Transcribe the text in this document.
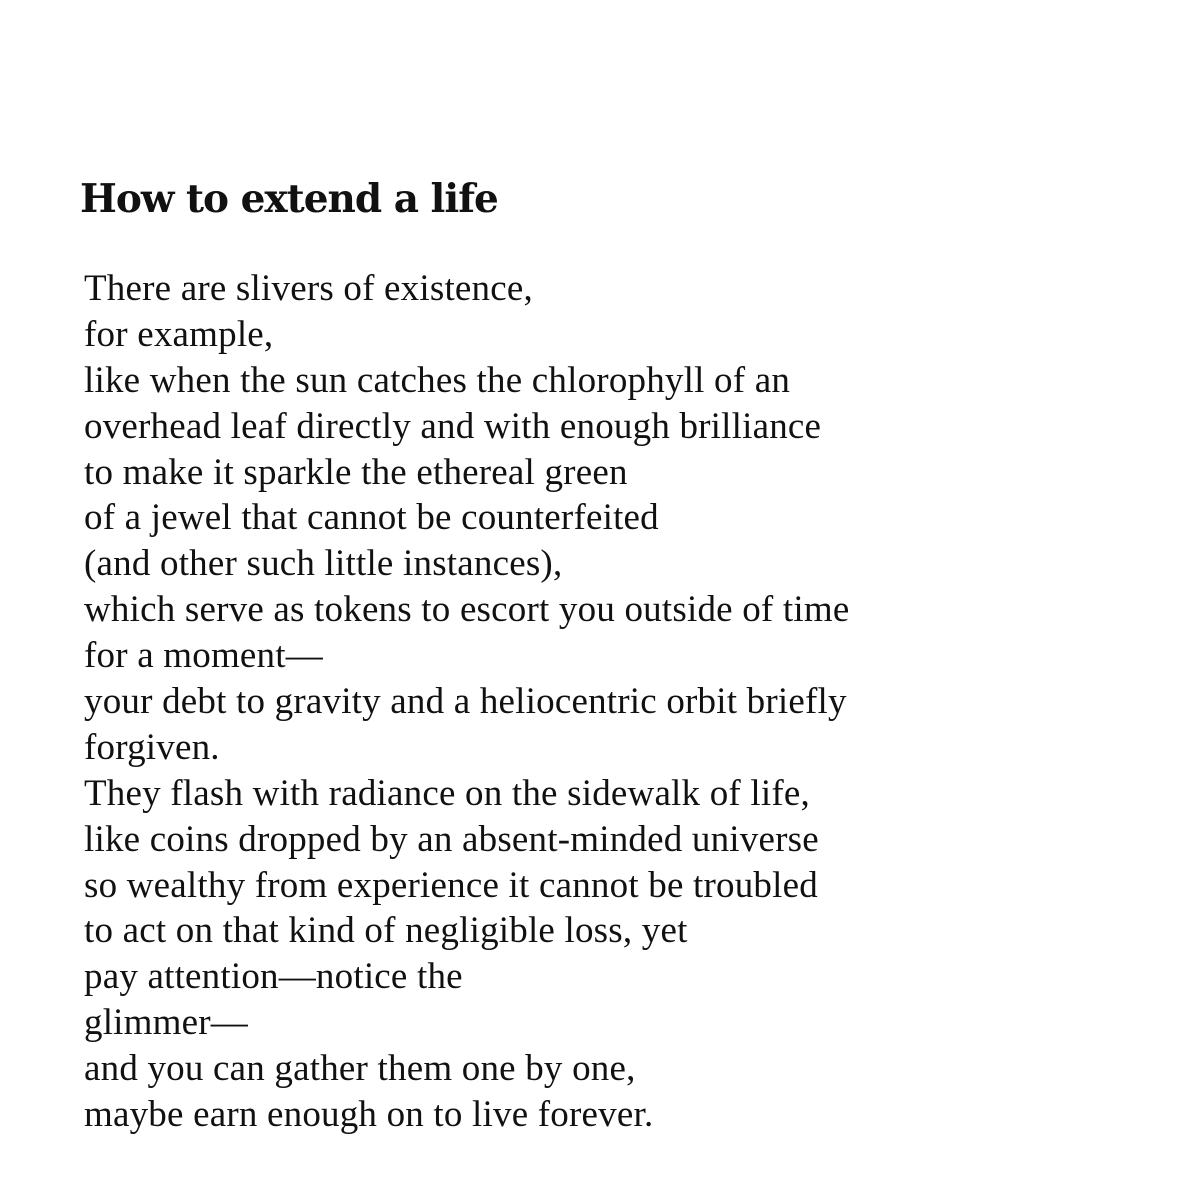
How to extend a life
There are slivers of existence,
for example,
like when the sun catches the chlorophyll of an
overhead leaf directly and with enough brilliance
to make it sparkle the ethereal green
of a jewel that cannot be counterfeited
(and other such little instances),
which serve as tokens to escort you outside of time
for a moment—
your debt to gravity and a heliocentric orbit briefly
forgiven.
They flash with radiance on the sidewalk of life,
like coins dropped by an absent-minded universe
so wealthy from experience it cannot be troubled
to act on that kind of negligible loss, yet
pay attention—notice the
glimmer—
and you can gather them one by one,
maybe earn enough on to live forever.
